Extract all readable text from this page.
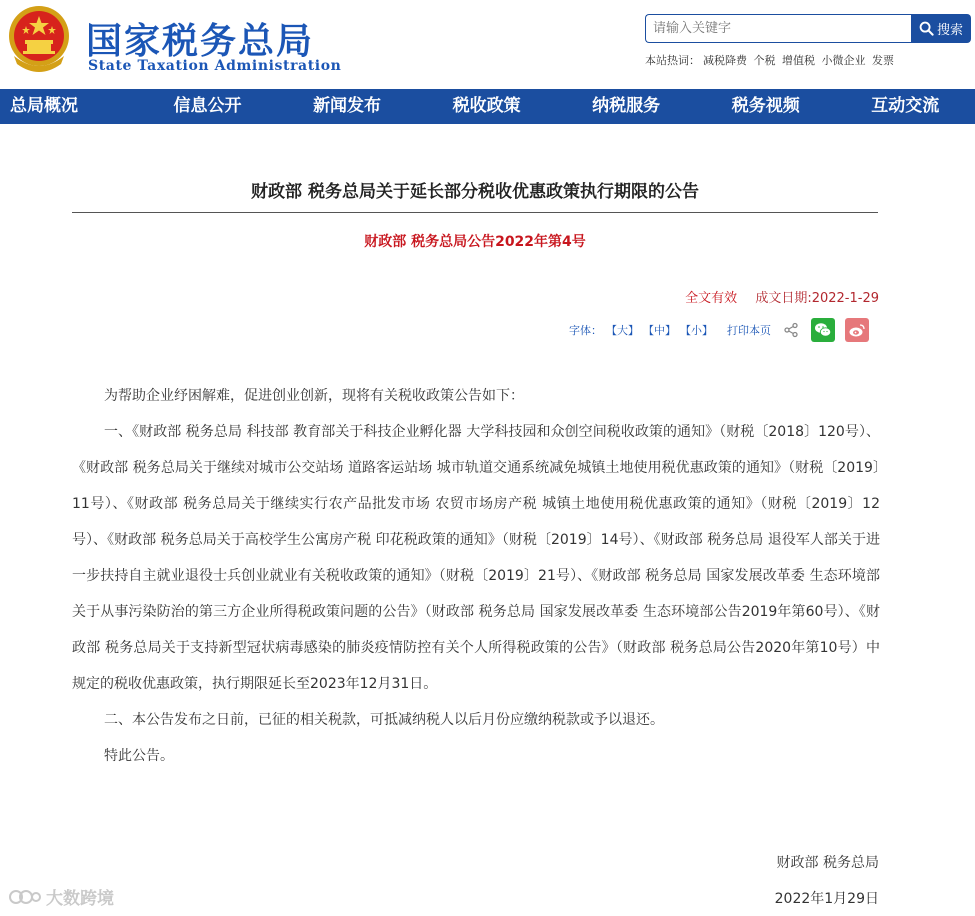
国家税务总局
State Taxation Administration
请输入关键字
搜索
本站热词： 减税降费 个税 增值税 小微企业 发票
总局概况	信息公开	新闻发布	税收政策	纳税服务	税务视频	互动交流
财政部 税务总局关于延长部分税收优惠政策执行期限的公告
财政部 税务总局公告2022年第4号
全文有效 成文日期:2022-1-29
字体： 【大】 【中】 【小】 打印本页

为帮助企业纾困解难，促进创业创新，现将有关税收政策公告如下：

一、《财政部 税务总局 科技部 教育部关于科技企业孵化器 大学科技园和众创空间税收政策的通知》（财税〔2018〕120号）、《财政部 税务总局关于继续对城市公交站场 道路客运站场 城市轨道交通系统减免城镇土地使用税优惠政策的通知》（财税〔2019〕11号）、《财政部 税务总局关于继续实行农产品批发市场 农贸市场房产税 城镇土地使用税优惠政策的通知》（财税〔2019〕12号）、《财政部 税务总局关于高校学生公寓房产税 印花税政策的通知》（财税〔2019〕14号）、《财政部 税务总局 退役军人部关于进一步扶持自主就业退役士兵创业就业有关税收政策的通知》（财税〔2019〕21号）、《财政部 税务总局 国家发展改革委 生态环境部关于从事污染防治的第三方企业所得税政策问题的公告》（财政部 税务总局 国家发展改革委 生态环境部公告2019年第60号）、《财政部 税务总局关于支持新型冠状病毒感染的肺炎疫情防控有关个人所得税政策的公告》（财政部 税务总局公告2020年第10号）中规定的税收优惠政策，执行期限延长至2023年12月31日。

二、本公告发布之日前，已征的相关税款，可抵减纳税人以后月份应缴纳税款或予以退还。

特此公告。

财政部 税务总局
2022年1月29日
大数跨境
